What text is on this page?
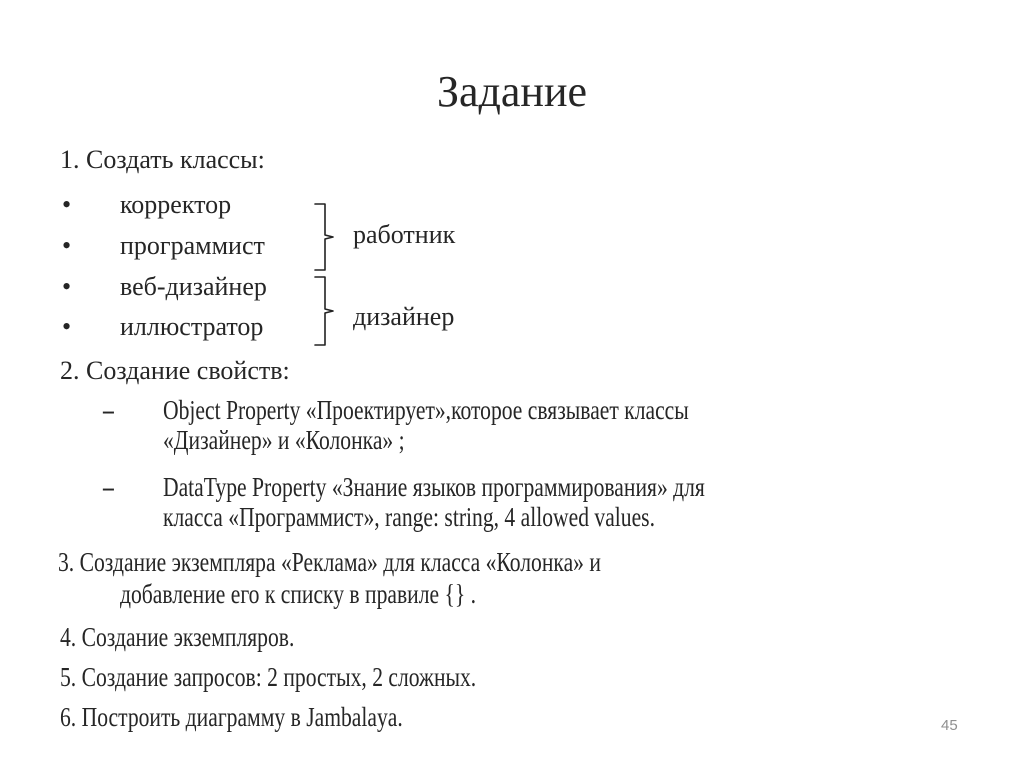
Задание
1. Создать классы:
• корректор
• программист
• веб-дизайнер
• иллюстратор
работник
дизайнер
2. Создание свойств:
– Object Property «Проектирует»,которое связывает классы
«Дизайнер» и «Колонка» ;
– DataType Property «Знание языков программирования» для
класса «Программист», range: string, 4 allowed values.
3. Создание экземпляра «Реклама» для класса «Колонка» и
добавление его к списку в правиле {} .
4. Создание экземпляров.
5. Создание запросов: 2 простых, 2 сложных.
6. Построить диаграмму в Jambalaya.	45
